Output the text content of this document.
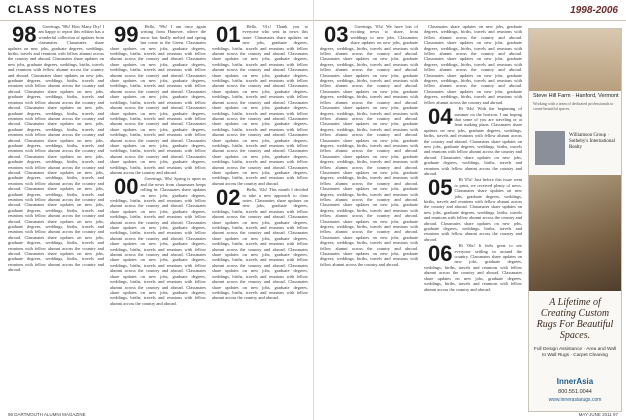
CLASS NOTES	1998-2006

98 Greetings, '98s! How Many Dry! I am happy to report this edition has a wonderful collection of updates from classmates. Classmates share updates on new jobs, graduate degrees, weddings, births, travels and reunions with fellow alumni across the country and abroad. Classmates share updates on new jobs, graduate degrees, weddings, births, travels and reunions with fellow alumni across the country and abroad. Classmates share updates on new jobs, graduate degrees, weddings, births, travels and reunions with fellow alumni across the country and abroad. Classmates share updates on new jobs, graduate degrees, weddings, births, travels and reunions with fellow alumni across the country and abroad. Classmates share updates on new jobs, graduate degrees, weddings, births, travels and reunions with fellow alumni across the country and abroad. Classmates share updates on new jobs, graduate degrees, weddings, births, travels and reunions with fellow alumni across the country and abroad. Classmates share updates on new jobs, graduate degrees, weddings, births, travels and reunions with fellow alumni across the country and abroad. Classmates share updates on new jobs, graduate degrees, weddings, births, travels and reunions with fellow alumni across the country and abroad. Classmates share updates on new jobs, graduate degrees, weddings, births, travels and reunions with fellow alumni across the country and abroad. Classmates share updates on new jobs, graduate degrees, weddings, births, travels and reunions with fellow alumni across the country and abroad. Classmates share updates on new jobs, graduate degrees, weddings, births, travels and reunions with fellow alumni across the country and abroad. Classmates share updates on new jobs, graduate degrees, weddings, births, travels and reunions with fellow alumni across the country and abroad. Classmates share updates on new jobs, graduate degrees, weddings, births, travels and reunions with fellow alumni across the country and abroad. Classmates share updates on new jobs, graduate degrees, weddings, births, travels and reunions with fellow alumni across the country and abroad.

99 Hello, '99s! I am once again writing from Hanover, where the snow has finally melted and spring has come to the Green. Classmates share updates on new jobs, graduate degrees, weddings, births, travels and reunions with fellow alumni across the country and abroad. Classmates share updates on new jobs, graduate degrees, weddings, births, travels and reunions with fellow alumni across the country and abroad. Classmates share updates on new jobs, graduate degrees, weddings, births, travels and reunions with fellow alumni across the country and abroad. Classmates share updates on new jobs, graduate degrees, weddings, births, travels and reunions with fellow alumni across the country and abroad. Classmates share updates on new jobs, graduate degrees, weddings, births, travels and reunions with fellow alumni across the country and abroad. Classmates share updates on new jobs, graduate degrees, weddings, births, travels and reunions with fellow alumni across the country and abroad. Classmates share updates on new jobs, graduate degrees, weddings, births, travels and reunions with fellow alumni across the country and abroad. Classmates share updates on new jobs, graduate degrees, weddings, births, travels and reunions with fellow alumni across the country and abroad.

00 Greetings, '00s! Spring is upon us and the news from classmates keeps rolling in. Classmates share updates on new jobs, graduate degrees, weddings, births, travels and reunions with fellow alumni across the country and abroad. Classmates share updates on new jobs, graduate degrees, weddings, births, travels and reunions with fellow alumni across the country and abroad. Classmates share updates on new jobs, graduate degrees, weddings, births, travels and reunions with fellow alumni across the country and abroad. Classmates share updates on new jobs, graduate degrees, weddings, births, travels and reunions with fellow alumni across the country and abroad. Classmates share updates on new jobs, graduate degrees, weddings, births, travels and reunions with fellow alumni across the country and abroad. Classmates share updates on new jobs, graduate degrees, weddings, births, travels and reunions with fellow alumni across the country and abroad. Classmates share updates on new jobs, graduate degrees, weddings, births, travels and reunions with fellow alumni across the country and abroad.

01 Hello, '01s! Thank you to everyone who sent in news this issue. Classmates share updates on new jobs, graduate degrees, weddings, births, travels and reunions with fellow alumni across the country and abroad. Classmates share updates on new jobs, graduate degrees, weddings, births, travels and reunions with fellow alumni across the country and abroad. Classmates share updates on new jobs, graduate degrees, weddings, births, travels and reunions with fellow alumni across the country and abroad. Classmates share updates on new jobs, graduate degrees, weddings, births, travels and reunions with fellow alumni across the country and abroad. Classmates share updates on new jobs, graduate degrees, weddings, births, travels and reunions with fellow alumni across the country and abroad. Classmates share updates on new jobs, graduate degrees, weddings, births, travels and reunions with fellow alumni across the country and abroad. Classmates share updates on new jobs, graduate degrees, weddings, births, travels and reunions with fellow alumni across the country and abroad. Classmates share updates on new jobs, graduate degrees, weddings, births, travels and reunions with fellow alumni across the country and abroad. Classmates share updates on new jobs, graduate degrees, weddings, births, travels and reunions with fellow alumni across the country and abroad.

02 Hello, '02s! This month I decided to take a new approach to class notes. Classmates share updates on new jobs, graduate degrees, weddings, births, travels and reunions with fellow alumni across the country and abroad. Classmates share updates on new jobs, graduate degrees, weddings, births, travels and reunions with fellow alumni across the country and abroad. Classmates share updates on new jobs, graduate degrees, weddings, births, travels and reunions with fellow alumni across the country and abroad. Classmates share updates on new jobs, graduate degrees, weddings, births, travels and reunions with fellow alumni across the country and abroad. Classmates share updates on new jobs, graduate degrees, weddings, births, travels and reunions with fellow alumni across the country and abroad. Classmates share updates on new jobs, graduate degrees, weddings, births, travels and reunions with fellow alumni across the country and abroad.

03 Greetings, '03s! We have lots of exciting news to share, from weddings to new jobs. Classmates share updates on new jobs, graduate degrees, weddings, births, travels and reunions with fellow alumni across the country and abroad. Classmates share updates on new jobs, graduate degrees, weddings, births, travels and reunions with fellow alumni across the country and abroad. Classmates share updates on new jobs, graduate degrees, weddings, births, travels and reunions with fellow alumni across the country and abroad. Classmates share updates on new jobs, graduate degrees, weddings, births, travels and reunions with fellow alumni across the country and abroad. Classmates share updates on new jobs, graduate degrees, weddings, births, travels and reunions with fellow alumni across the country and abroad. Classmates share updates on new jobs, graduate degrees, weddings, births, travels and reunions with fellow alumni across the country and abroad. Classmates share updates on new jobs, graduate degrees, weddings, births, travels and reunions with fellow alumni across the country and abroad. Classmates share updates on new jobs, graduate degrees, weddings, births, travels and reunions with fellow alumni across the country and abroad. Classmates share updates on new jobs, graduate degrees, weddings, births, travels and reunions with fellow alumni across the country and abroad. Classmates share updates on new jobs, graduate degrees, weddings, births, travels and reunions with fellow alumni across the country and abroad. Classmates share updates on new jobs, graduate degrees, weddings, births, travels and reunions with fellow alumni across the country and abroad. Classmates share updates on new jobs, graduate degrees, weddings, births, travels and reunions with fellow alumni across the country and abroad. Classmates share updates on new jobs, graduate degrees, weddings, births, travels and reunions with fellow alumni across the country and abroad. Classmates share updates on new jobs, graduate degrees, weddings, births, travels and reunions with fellow alumni across the country and abroad.

Classmates share updates on new jobs, graduate degrees, weddings, births, travels and reunions with fellow alumni across the country and abroad. Classmates share updates on new jobs, graduate degrees, weddings, births, travels and reunions with fellow alumni across the country and abroad. Classmates share updates on new jobs, graduate degrees, weddings, births, travels and reunions with fellow alumni across the country and abroad. Classmates share updates on new jobs, graduate degrees, weddings, births, travels and reunions with fellow alumni across the country and abroad. Classmates share updates on new jobs, graduate degrees, weddings, births, travels and reunions with fellow alumni across the country and abroad.

04 Hi '04s! With the beginning of summer on the horizon, I am hoping that some of you are traveling or at least making plans. Classmates share updates on new jobs, graduate degrees, weddings, births, travels and reunions with fellow alumni across the country and abroad. Classmates share updates on new jobs, graduate degrees, weddings, births, travels and reunions with fellow alumni across the country and abroad. Classmates share updates on new jobs, graduate degrees, weddings, births, travels and reunions with fellow alumni across the country and abroad.

05 Hi '05s! Just before this issue went to print, we received plenty of news. Classmates share updates on new jobs, graduate degrees, weddings, births, travels and reunions with fellow alumni across the country and abroad. Classmates share updates on new jobs, graduate degrees, weddings, births, travels and reunions with fellow alumni across the country and abroad. Classmates share updates on new jobs, graduate degrees, weddings, births, travels and reunions with fellow alumni across the country and abroad.

06 Hi '06s! It feels great to see everyone settling in around the country. Classmates share updates on new jobs, graduate degrees, weddings, births, travels and reunions with fellow alumni across the country and abroad. Classmates share updates on new jobs, graduate degrees, weddings, births, travels and reunions with fellow alumni across the country and abroad.

Steve Hill Farm · Hanford, Vermont
Working with a team of dedicated professionals to create beautiful spaces.
Williamson Group · Sotheby's International Realty
A Lifetime of Creating Custom Rugs For Beautiful Spaces.
Full Design Assistance · Area and Wall to Wall Rugs · Carpet Cleaning
InnerAsia
800.551.0044
www.innerasiarugs.com
96 DARTMOUTH ALUMNI MAGAZINE	MAY-JUNE 2011 97
